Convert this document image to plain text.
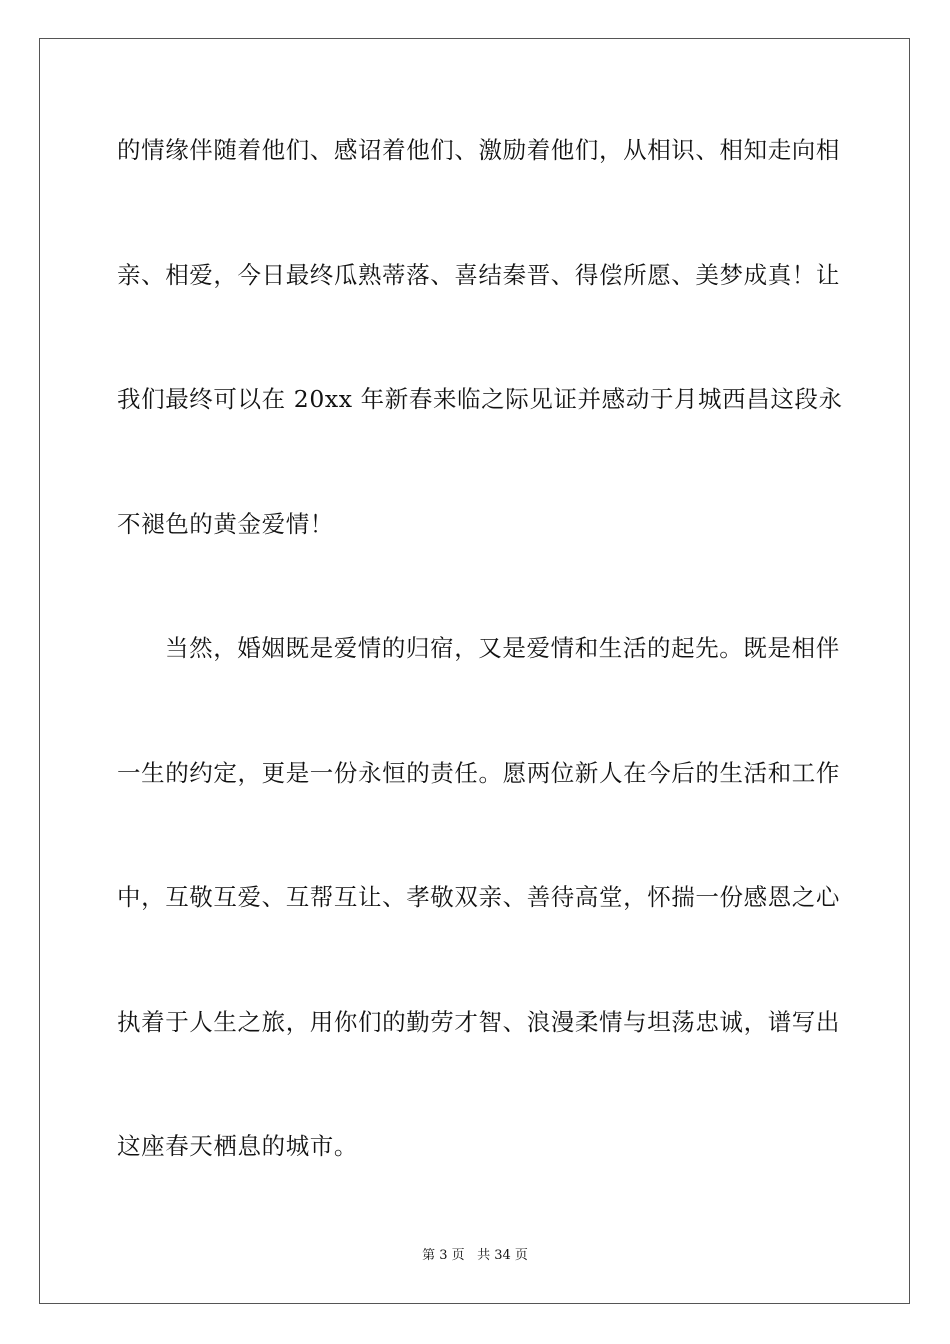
的情缘伴随着他们、感诏着他们、激励着他们，从相识、相知走向相
亲、相爱，今日最终瓜熟蒂落、喜结秦晋、得偿所愿、美梦成真！让
我们最终可以在 20xx 年新春来临之际见证并感动于月城西昌这段永
不褪色的黄金爱情！
当然，婚姻既是爱情的归宿，又是爱情和生活的起先。既是相伴
一生的约定，更是一份永恒的责任。愿两位新人在今后的生活和工作
中，互敬互爱、互帮互让、孝敬双亲、善待高堂，怀揣一份感恩之心
执着于人生之旅，用你们的勤劳才智、浪漫柔情与坦荡忠诚，谱写出
这座春天栖息的城市。
第 3 页 共 34 页
